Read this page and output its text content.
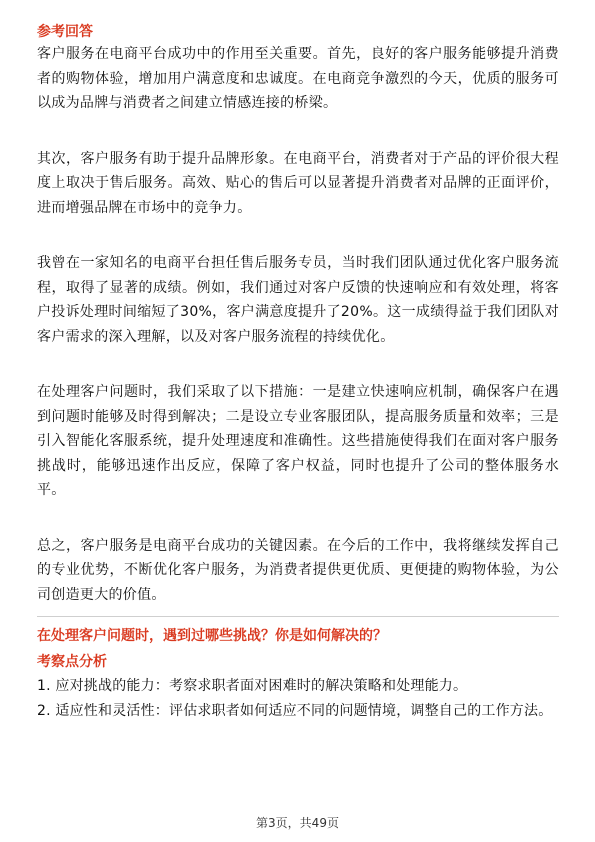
参考回答

客户服务在电商平台成功中的作用至关重要。首先，良好的客户服务能够提升消费者的购物体验，增加用户满意度和忠诚度。在电商竞争激烈的今天，优质的服务可以成为品牌与消费者之间建立情感连接的桥梁。

其次，客户服务有助于提升品牌形象。在电商平台，消费者对于产品的评价很大程度上取决于售后服务。高效、贴心的售后可以显著提升消费者对品牌的正面评价，进而增强品牌在市场中的竞争力。

我曾在一家知名的电商平台担任售后服务专员，当时我们团队通过优化客户服务流程，取得了显著的成绩。例如，我们通过对客户反馈的快速响应和有效处理，将客户投诉处理时间缩短了30%，客户满意度提升了20%。这一成绩得益于我们团队对客户需求的深入理解，以及对客户服务流程的持续优化。

在处理客户问题时，我们采取了以下措施：一是建立快速响应机制，确保客户在遇到问题时能够及时得到解决；二是设立专业客服团队，提高服务质量和效率；三是引入智能化客服系统，提升处理速度和准确性。这些措施使得我们在面对客户服务挑战时，能够迅速作出反应，保障了客户权益，同时也提升了公司的整体服务水平。

总之，客户服务是电商平台成功的关键因素。在今后的工作中，我将继续发挥自己的专业优势，不断优化客户服务，为消费者提供更优质、更便捷的购物体验，为公司创造更大的价值。

在处理客户问题时，遇到过哪些挑战？你是如何解决的？

考察点分析

1. 应对挑战的能力：考察求职者面对困难时的解决策略和处理能力。

2. 适应性和灵活性：评估求职者如何适应不同的问题情境，调整自己的工作方法。

第3页，共49页
